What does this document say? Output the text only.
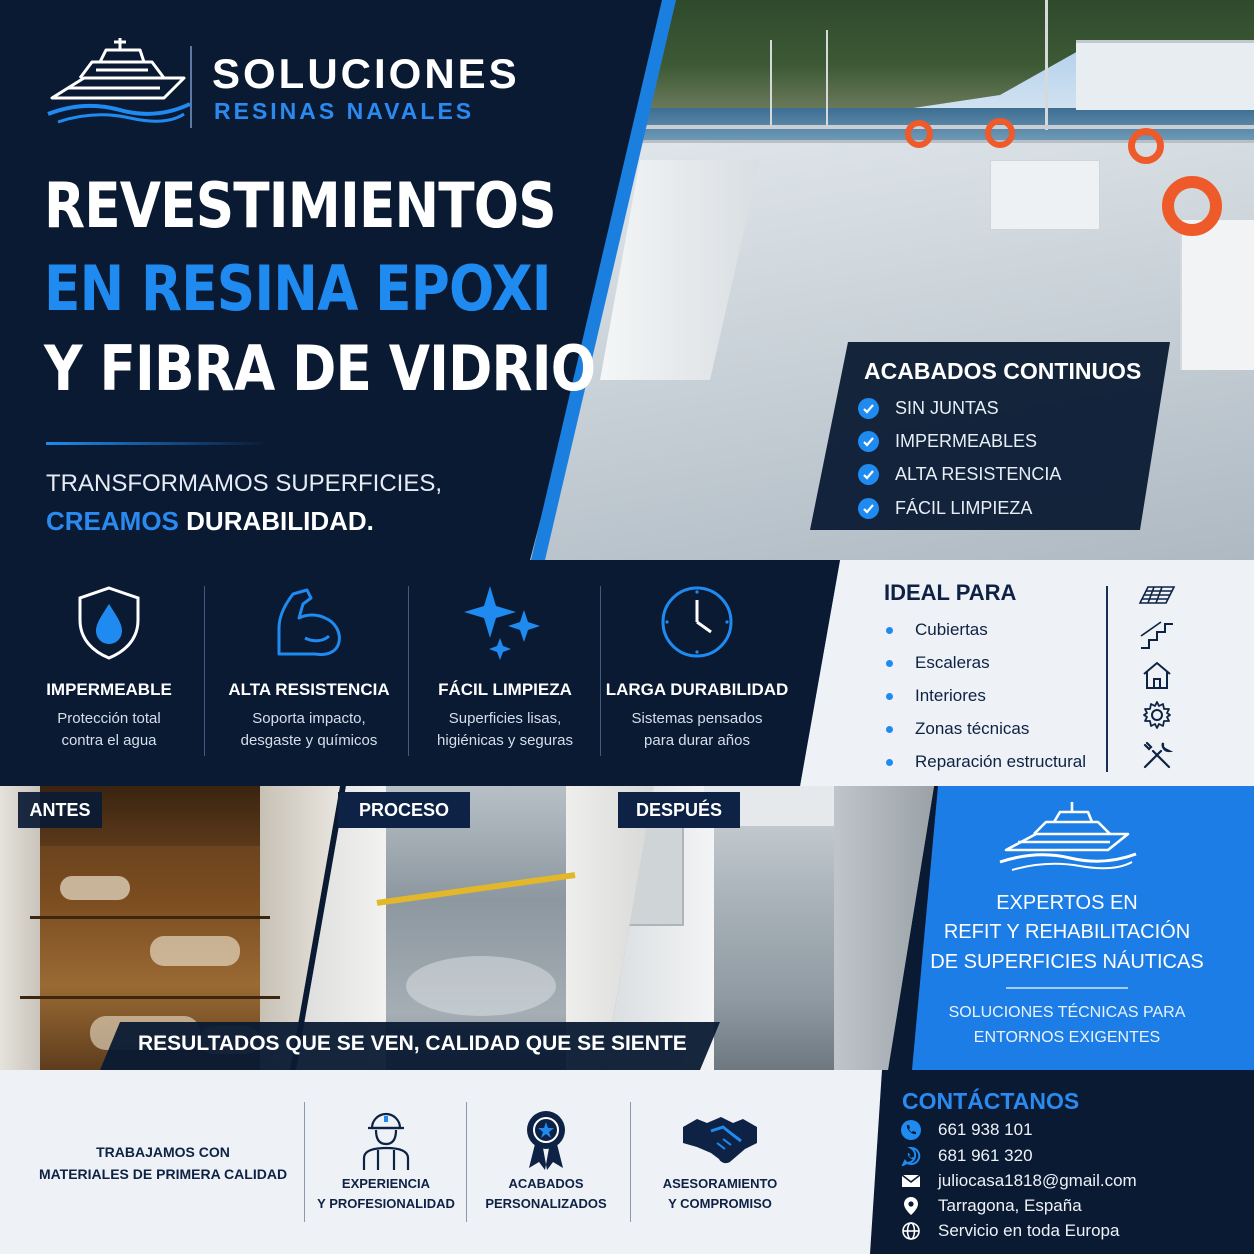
SOLUCIONES
RESINAS NAVALES
REVESTIMIENTOS
EN RESINA EPOXI
Y FIBRA DE VIDRIO
TRANSFORMAMOS SUPERFICIES,
CREAMOS DURABILIDAD.
ACABADOS CONTINUOS
SIN JUNTAS
IMPERMEABLES
ALTA RESISTENCIA
FÁCIL LIMPIEZA
IMPERMEABLE
Protección total
contra el agua
ALTA RESISTENCIA
Soporta impacto,
desgaste y químicos
FÁCIL LIMPIEZA
Superficies lisas,
higiénicas y seguras
LARGA DURABILIDAD
Sistemas pensados
para durar años
IDEAL PARA
Cubiertas
Escaleras
Interiores
Zonas técnicas
Reparación estructural
ANTES	PROCESO	DESPUÉS
RESULTADOS QUE SE VEN, CALIDAD QUE SE SIENTE
EXPERTOS EN
REFIT Y REHABILITACIÓN
DE SUPERFICIES NÁUTICAS
SOLUCIONES TÉCNICAS PARA
ENTORNOS EXIGENTES
TRABAJAMOS CON
MATERIALES DE PRIMERA CALIDAD
EXPERIENCIA
Y PROFESIONALIDAD
ACABADOS
PERSONALIZADOS
ASESORAMIENTO
Y COMPROMISO
CONTÁCTANOS
661 938 101
681 961 320
juliocasa1818@gmail.com
Tarragona, España
Servicio en toda Europa
